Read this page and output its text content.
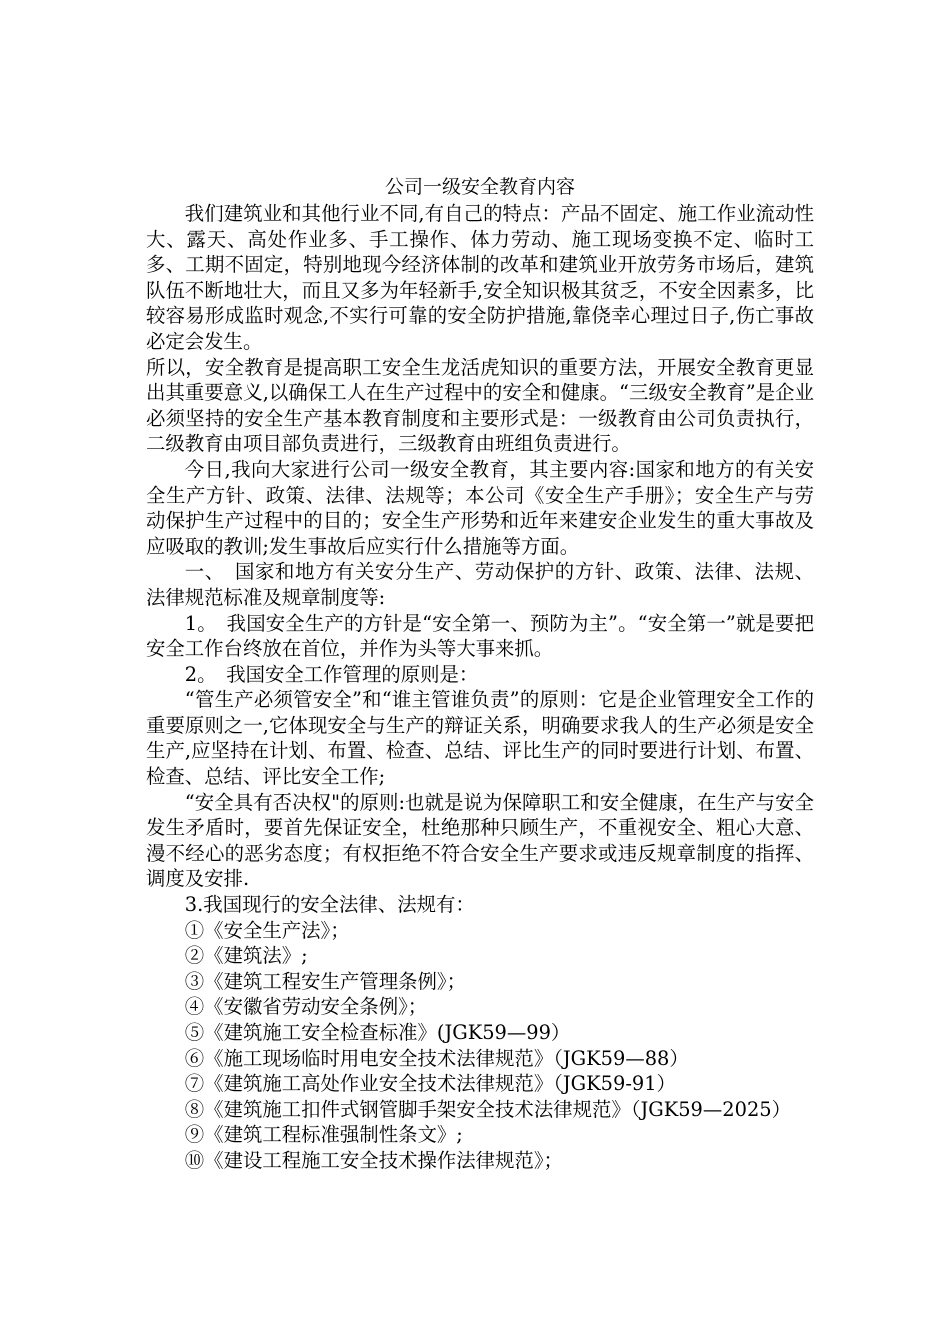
公司一级安全教育内容

我们建筑业和其他行业不同,有自己的特点：产品不固定、施工作业流动性大、露天、高处作业多、手工操作、体力劳动、施工现场变换不定、临时工多、工期不固定，特别地现今经济体制的改革和建筑业开放劳务市场后，建筑队伍不断地壮大，而且又多为年轻新手,安全知识极其贫乏，不安全因素多，比较容易形成监时观念,不实行可靠的安全防护措施,靠侥幸心理过日子,伤亡事故必定会发生。

所以，安全教育是提高职工安全生龙活虎知识的重要方法，开展安全教育更显出其重要意义,以确保工人在生产过程中的安全和健康。“三级安全教育”是企业必须坚持的安全生产基本教育制度和主要形式是：一级教育由公司负责执行，二级教育由项目部负责进行，三级教育由班组负责进行。

今日,我向大家进行公司一级安全教育，其主要内容:国家和地方的有关安全生产方针、政策、法律、法规等；本公司《安全生产手册》；安全生产与劳动保护生产过程中的目的；安全生产形势和近年来建安企业发生的重大事故及应吸取的教训;发生事故后应实行什么措施等方面。

一、　国家和地方有关安分生产、劳动保护的方针、政策、法律、法规、法律规范标准及规章制度等:

1。　我国安全生产的方针是“安全第一、预防为主”。“安全第一”就是要把安全工作台终放在首位，并作为头等大事来抓。

2。　我国安全工作管理的原则是：

“管生产必须管安全”和“谁主管谁负责”的原则：它是企业管理安全工作的重要原则之一,它体现安全与生产的辩证关系，明确要求我人的生产必须是安全生产,应坚持在计划、布置、检查、总结、评比生产的同时要进行计划、布置、检查、总结、评比安全工作;

“安全具有否决权"的原则:也就是说为保障职工和安全健康，在生产与安全发生矛盾时，要首先保证安全，杜绝那种只顾生产，不重视安全、粗心大意、漫不经心的恶劣态度；有权拒绝不符合安全生产要求或违反规章制度的指挥、调度及安排.

3.我国现行的安全法律、法规有：

①《安全生产法》；

②《建筑法》;

③《建筑工程安生产管理条例》；

④《安徽省劳动安全条例》；

⑤《建筑施工安全检查标准》(JGK59—99）

⑥《施工现场临时用电安全技术法律规范》（JGK59—88）

⑦《建筑施工高处作业安全技术法律规范》（JGK59-91）

⑧《建筑施工扣件式钢管脚手架安全技术法律规范》（JGK59—2025）

⑨《建筑工程标准强制性条文》;

⑩《建设工程施工安全技术操作法律规范》；
